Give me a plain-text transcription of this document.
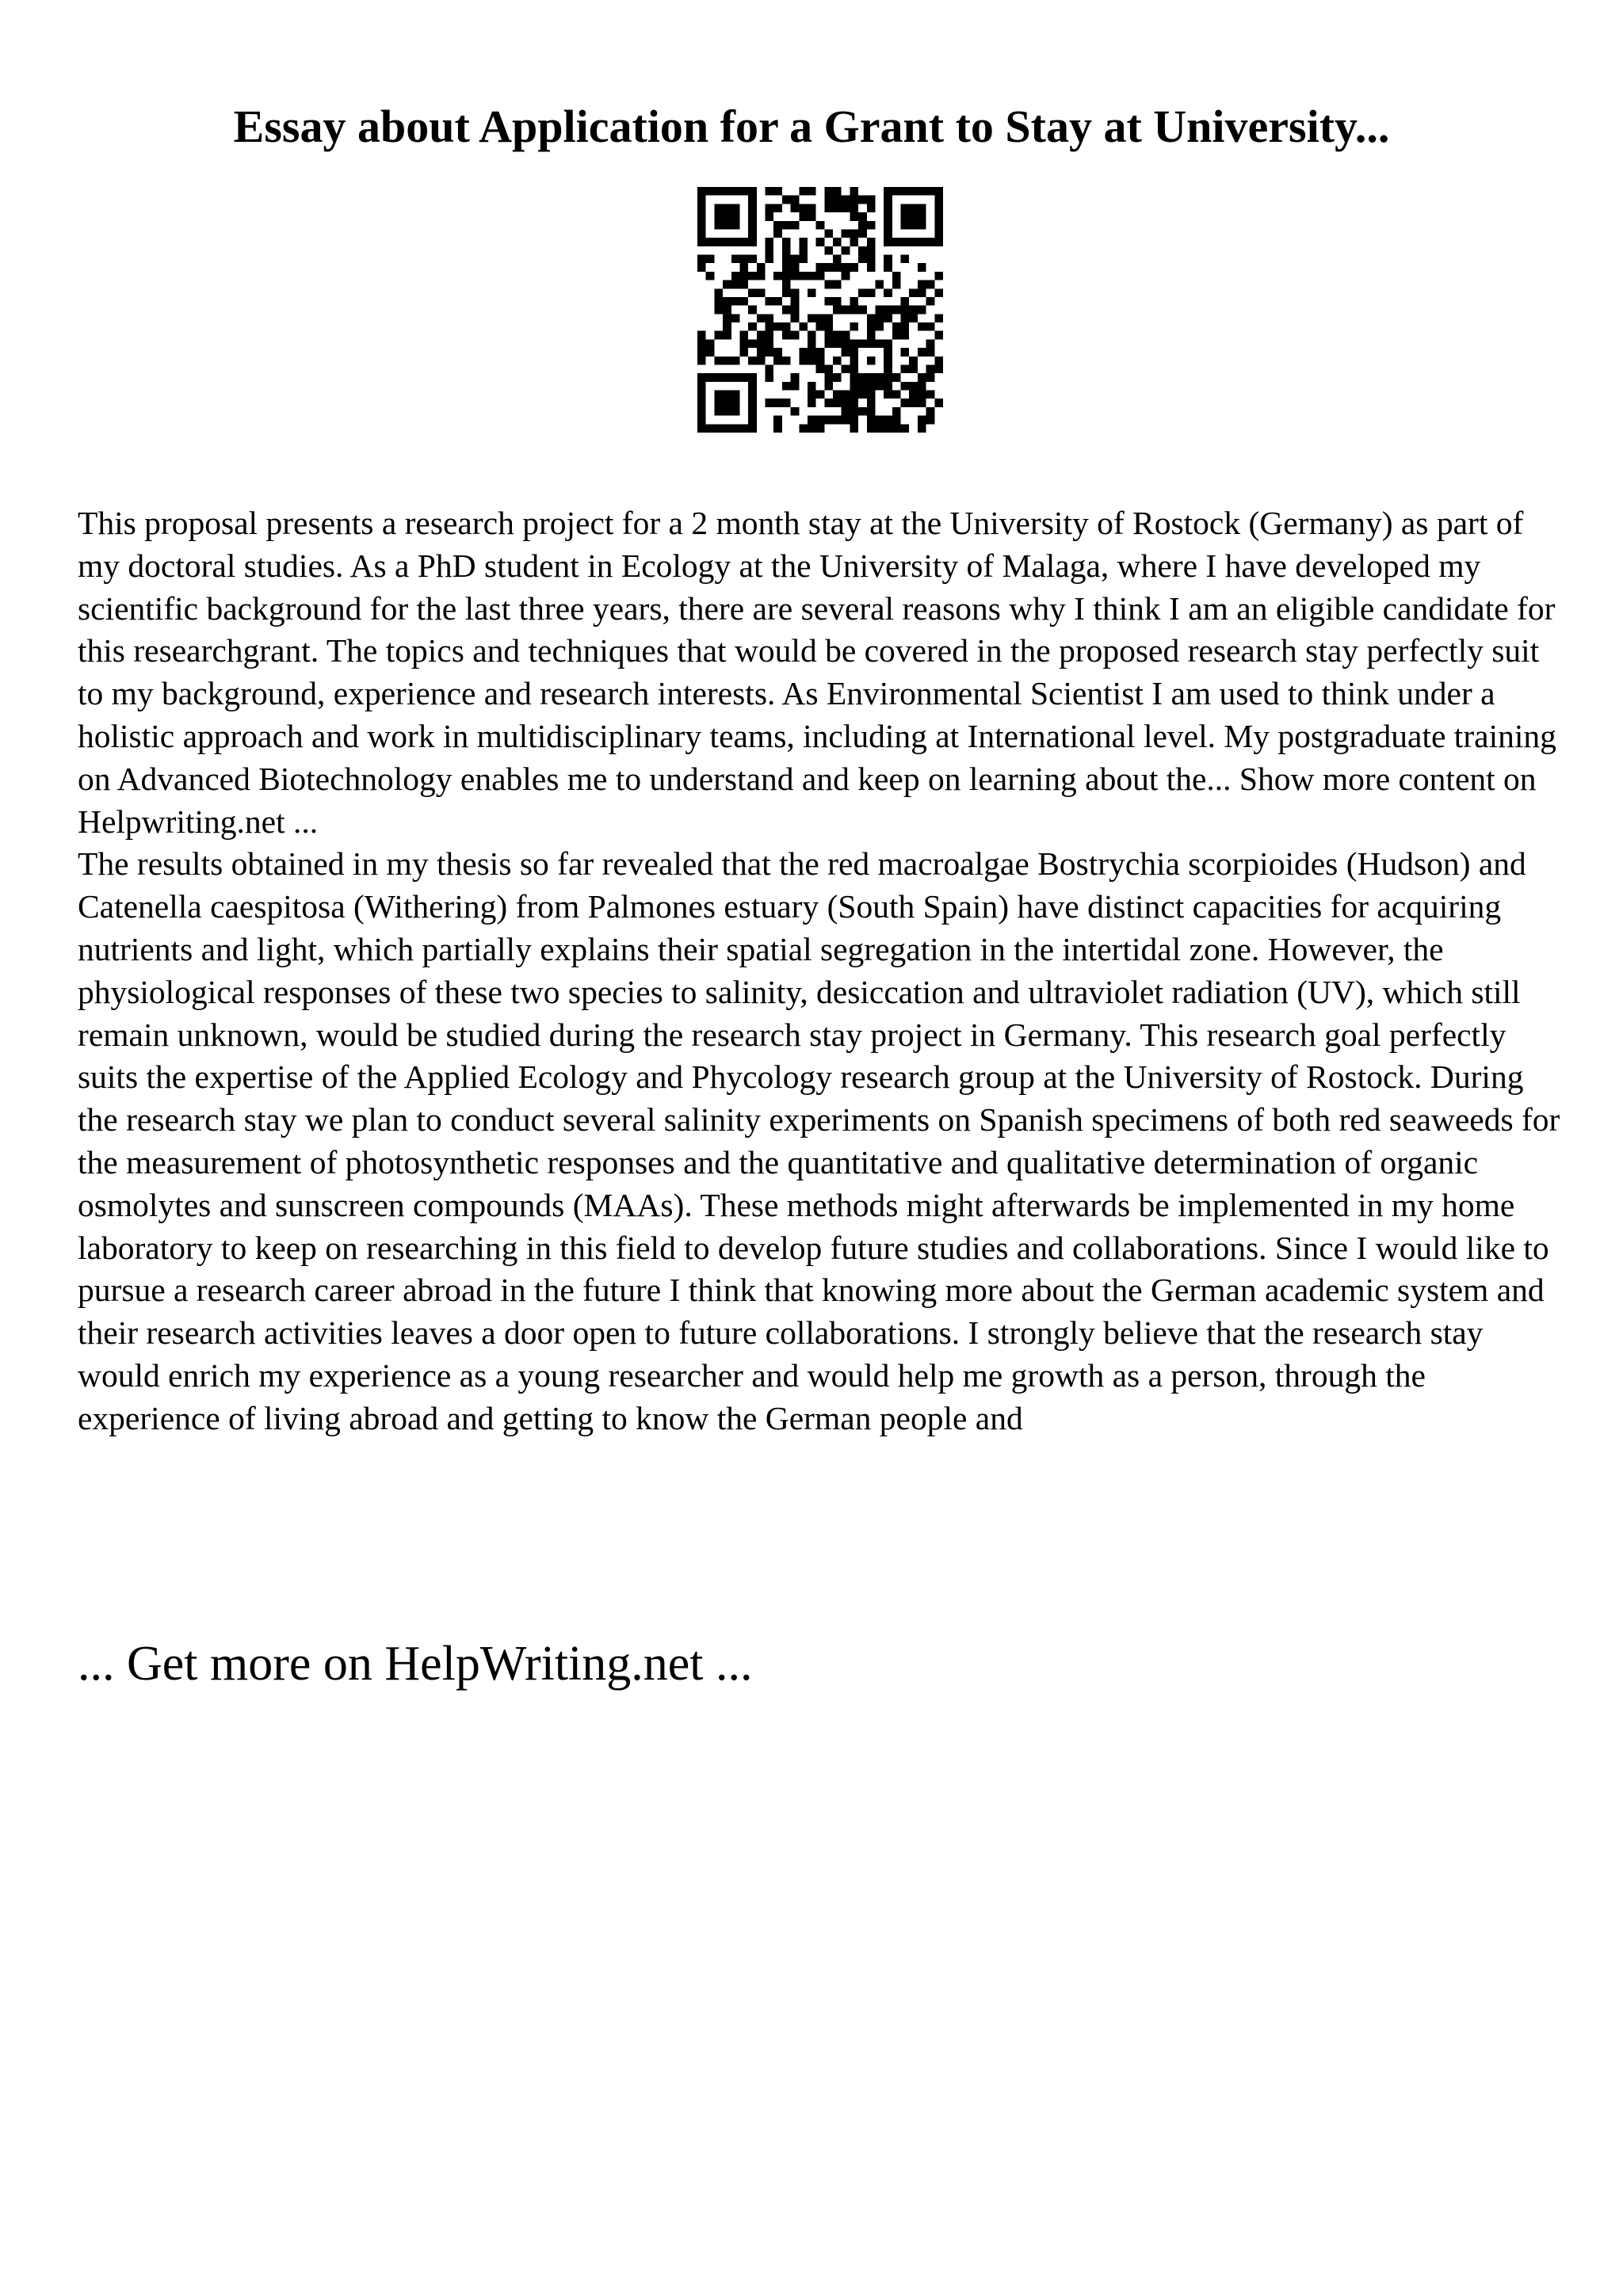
Essay about Application for a Grant to Stay at University...

This proposal presents a research project for a 2 month stay at the University of Rostock (Germany) as part of my doctoral studies. As a PhD student in Ecology at the University of Malaga, where I have developed my scientific background for the last three years, there are several reasons why I think I am an eligible candidate for this researchgrant. The topics and techniques that would be covered in the proposed research stay perfectly suit to my background, experience and research interests. As Environmental Scientist I am used to think under a holistic approach and work in multidisciplinary teams, including at International level. My postgraduate training on Advanced Biotechnology enables me to understand and keep on learning about the... Show more content on Helpwriting.net ...

The results obtained in my thesis so far revealed that the red macroalgae Bostrychia scorpioides (Hudson) and Catenella caespitosa (Withering) from Palmones estuary (South Spain) have distinct capacities for acquiring nutrients and light, which partially explains their spatial segregation in the intertidal zone. However, the physiological responses of these two species to salinity, desiccation and ultraviolet radiation (UV), which still remain unknown, would be studied during the research stay project in Germany. This research goal perfectly suits the expertise of the Applied Ecology and Phycology research group at the University of Rostock. During the research stay we plan to conduct several salinity experiments on Spanish specimens of both red seaweeds for the measurement of photosynthetic responses and the quantitative and qualitative determination of organic osmolytes and sunscreen compounds (MAAs). These methods might afterwards be implemented in my home laboratory to keep on researching in this field to develop future studies and collaborations. Since I would like to pursue a research career abroad in the future I think that knowing more about the German academic system and their research activities leaves a door open to future collaborations. I strongly believe that the research stay would enrich my experience as a young researcher and would help me growth as a person, through the experience of living abroad and getting to know the German people and

... Get more on HelpWriting.net ...
